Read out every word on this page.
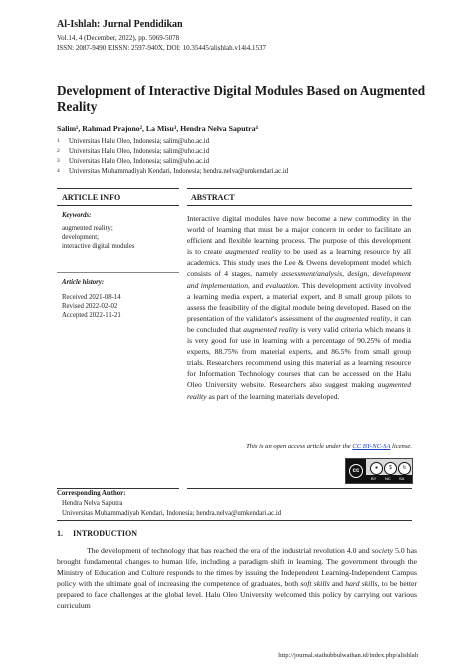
Al-Ishlah: Jurnal Pendidikan
Vol.14, 4 (December, 2022), pp. 5069-5078
ISSN: 2087-9490 EISSN: 2597-940X, DOI: 10.35445/alishlah.v14i4.1537
Development of Interactive Digital Modules Based on Augmented Reality
Salim¹, Rahmad Prajono², La Misu³, Hendra Nelva Saputra⁴
1 Universitas Halu Oleo, Indonesia; salim@uho.ac.id
2 Universitas Halu Oleo, Indonesia; salim@uho.ac.id
3 Universitas Halu Oleo, Indonesia; salim@uho.ac.id
4 Universitas Muhammadiyah Kendari, Indonesia; hendra.nelva@umkendari.ac.id
ARTICLE INFO	ABSTRACT
Keywords:
augmented reality;
development;
interactive digital modules
Article history:
Received 2021-08-14
Revised 2022-02-02
Accepted 2022-11-21
Interactive digital modules have now become a new commodity in the world of learning that must be a major concern in order to facilitate an efficient and flexible learning process. The purpose of this development is to create augmented reality to be used as a learning resource by all academics. This study uses the Lee & Owens development model which consists of 4 stages, namely assessment/analysis, design, development and implementation, and evaluation. This development activity involved a learning media expert, a material expert, and 8 small group pilots to assess the feasibility of the digital module being developed. Based on the presentation of the validator's assessment of the augmented reality, it can be concluded that augmented reality is very valid criteria which means it is very good for use in learning with a percentage of 90.25% of media experts, 88.75% from material experts, and 86.5% from small group trials. Researchers recommend using this material as a learning resource for Information Technology courses that can be accessed on the Halu Oleo University website. Researchers also suggest making augmented reality as part of the learning materials developed.
This is an open access article under the CC BY-NC-SA license.
cc	●	$	↻
BY NC SA
Corresponding Author:
Hendra Nelva Saputra
Universitas Muhammadiyah Kendari, Indonesia; hendra.nelva@umkendari.ac.id
1.     INTRODUCTION
The development of technology that has reached the era of the industrial revolution 4.0 and society 5.0 has brought fundamental changes to human life, including a paradigm shift in learning. The government through the Ministry of Education and Culture responds to the times by issuing the Independent Learning-Independent Campus policy with the ultimate goal of increasing the competence of graduates, both soft skills and hard skills, to be better prepared to face challenges at the global level. Halu Oleo University welcomed this policy by carrying out various curriculum
http://journal.staihubbulwathan.id/index.php/alishlah
